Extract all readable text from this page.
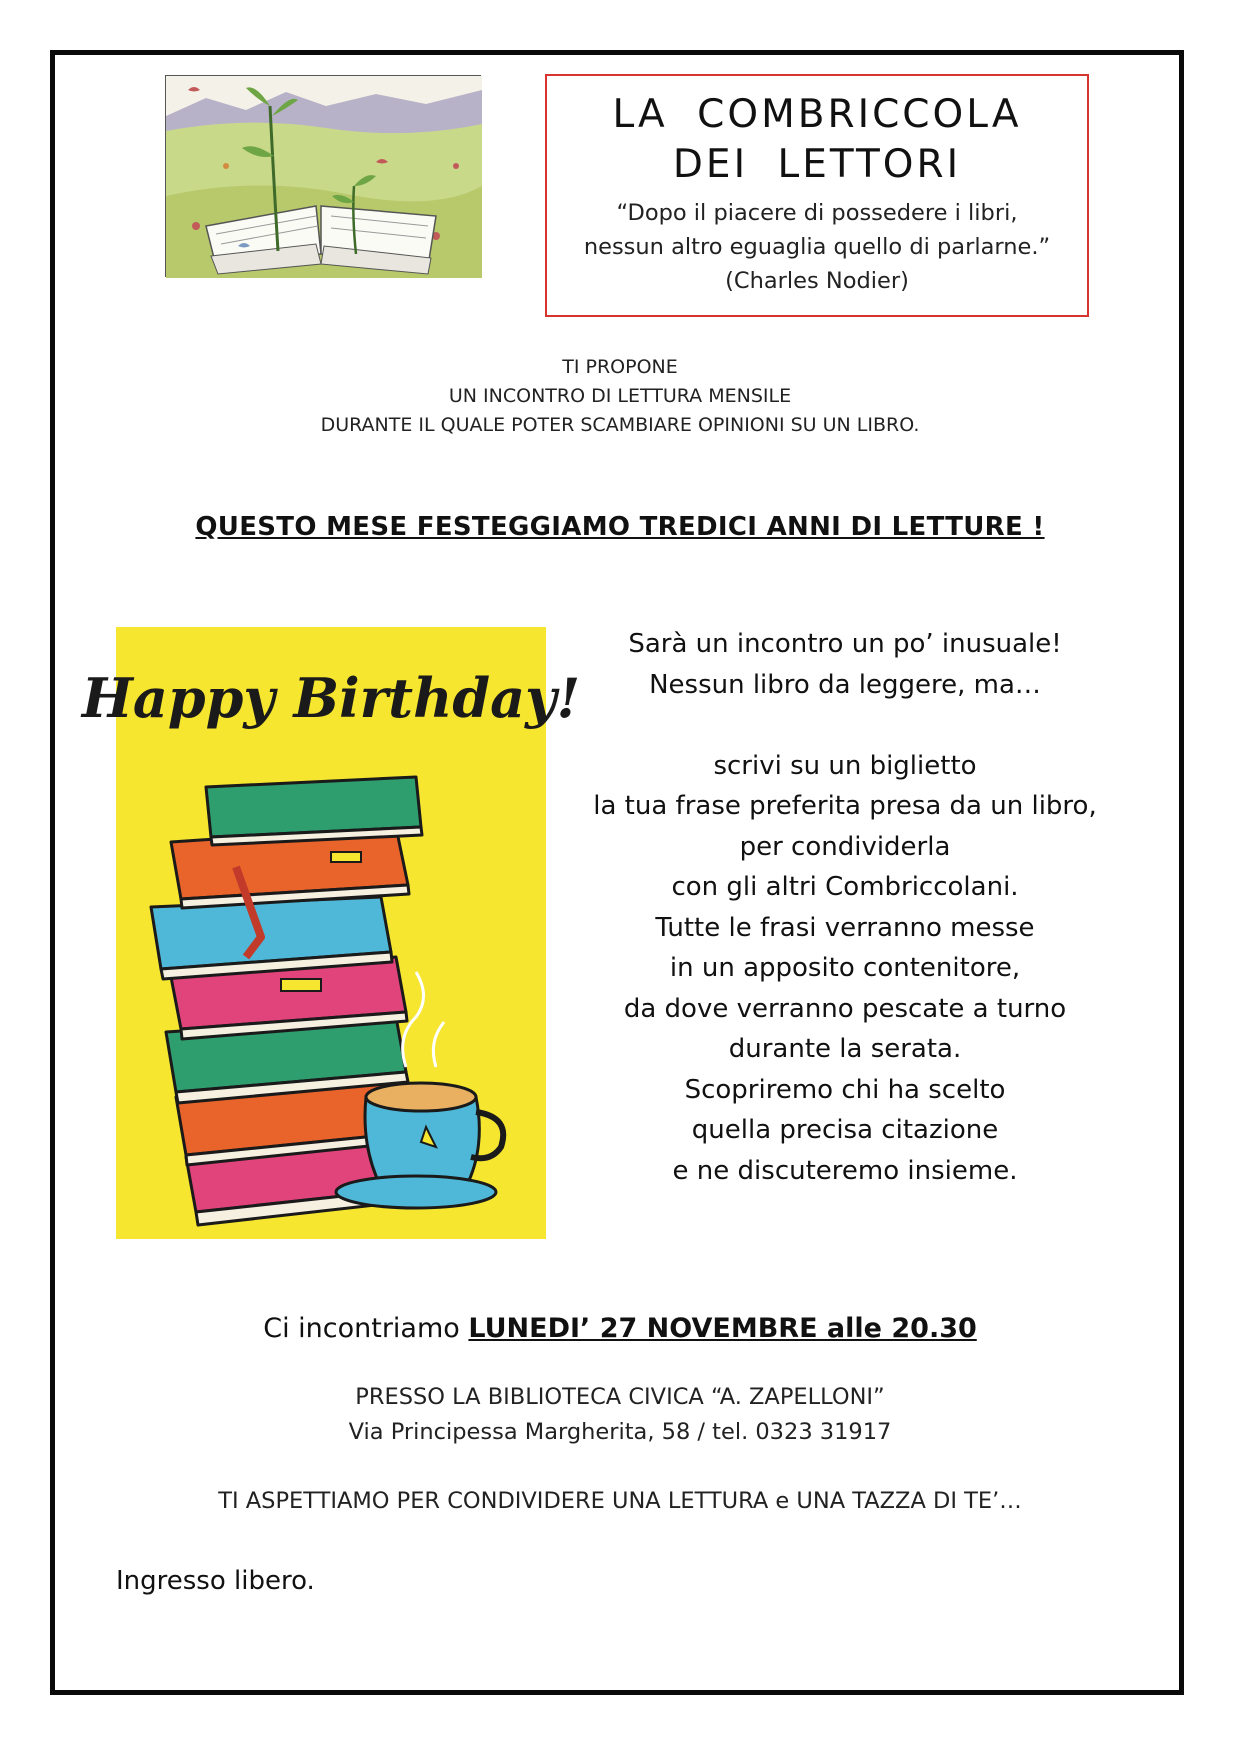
LA COMBRICCOLA
DEI LETTORI
“Dopo il piacere di possedere i libri,
nessun altro eguaglia quello di parlarne.”
(Charles Nodier)
TI PROPONE
UN INCONTRO DI LETTURA MENSILE
DURANTE IL QUALE POTER SCAMBIARE OPINIONI SU UN LIBRO.
QUESTO MESE FESTEGGIAMO TREDICI ANNI DI LETTURE !
Happy Birthday!
Sarà un incontro un po’ inusuale!
Nessun libro da leggere, ma…
scrivi su un biglietto
la tua frase preferita presa da un libro,
per condividerla
con gli altri Combriccolani.
Tutte le frasi verranno messe
in un apposito contenitore,
da dove verranno pescate a turno
durante la serata.
Scopriremo chi ha scelto
quella precisa citazione
e ne discuteremo insieme.
Ci incontriamo LUNEDI’ 27 NOVEMBRE alle 20.30
PRESSO LA BIBLIOTECA CIVICA “A. ZAPELLONI”
Via Principessa Margherita, 58 / tel. 0323 31917
TI ASPETTIAMO PER CONDIVIDERE UNA LETTURA e UNA TAZZA DI TE’…
Ingresso libero.
